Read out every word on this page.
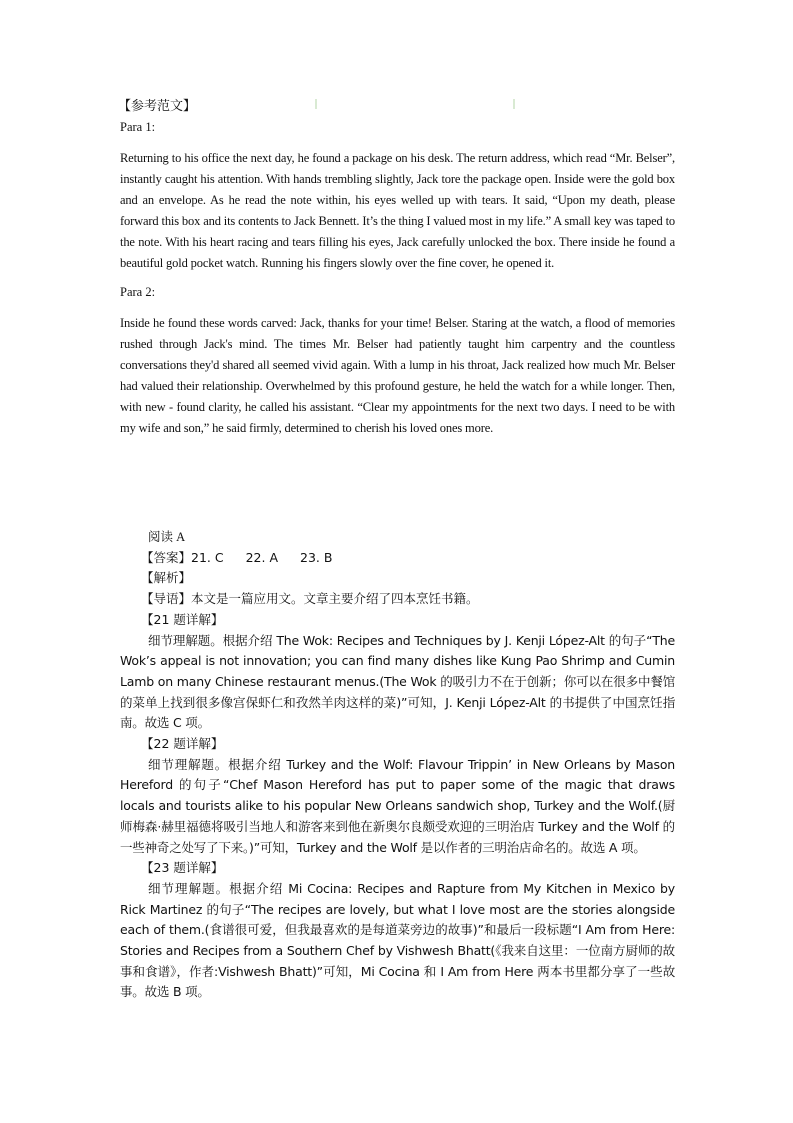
【参考范文】

Para 1:

Returning to his office the next day, he found a package on his desk. The return address, which read “Mr. Belser”, instantly caught his attention. With hands trembling slightly, Jack tore the package open. Inside were the gold box and an envelope. As he read the note within, his eyes welled up with tears. It said, “Upon my death, please forward this box and its contents to Jack Bennett. It’s the thing I valued most in my life.” A small key was taped to the note. With his heart racing and tears filling his eyes, Jack carefully unlocked the box. There inside he found a beautiful gold pocket watch. Running his fingers slowly over the fine cover, he opened it.

Para 2:

Inside he found these words carved: Jack, thanks for your time! Belser. Staring at the watch, a flood of memories rushed through Jack's mind. The times Mr. Belser had patiently taught him carpentry and the countless conversations they'd shared all seemed vivid again. With a lump in his throat, Jack realized how much Mr. Belser had valued their relationship. Overwhelmed by this profound gesture, he held the watch for a while longer. Then, with new - found clarity, he called his assistant. “Clear my appointments for the next two days. I need to be with my wife and son,” he said firmly, determined to cherish his loved ones more.

阅读 A

【答案】21. C 22. A 23. B

【解析】

【导语】本文是一篇应用文。文章主要介绍了四本烹饪书籍。

【21 题详解】

细节理解题。根据介绍 The Wok: Recipes and Techniques by J. Kenji López-Alt 的句子“The Wok’s appeal is not innovation; you can find many dishes like Kung Pao Shrimp and Cumin Lamb on many Chinese restaurant menus.(The Wok 的吸引力不在于创新；你可以在很多中餐馆的菜单上找到很多像宫保虾仁和孜然羊肉这样的菜)”可知，J. Kenji López-Alt 的书提供了中国烹饪指南。故选 C 项。

【22 题详解】

细节理解题。根据介绍 Turkey and the Wolf: Flavour Trippin’ in New Orleans by Mason Hereford 的句子“Chef Mason Hereford has put to paper some of the magic that draws locals and tourists alike to his popular New Orleans sandwich shop, Turkey and the Wolf.(厨师梅森·赫里福德将吸引当地人和游客来到他在新奥尔良颇受欢迎的三明治店 Turkey and the Wolf 的一些神奇之处写了下来。)”可知，Turkey and the Wolf 是以作者的三明治店命名的。故选 A 项。

【23 题详解】

细节理解题。根据介绍 Mi Cocina: Recipes and Rapture from My Kitchen in Mexico by Rick Martinez 的句子“The recipes are lovely, but what I love most are the stories alongside each of them.(食谱很可爱，但我最喜欢的是每道菜旁边的故事)”和最后一段标题“I Am from Here: Stories and Recipes from a Southern Chef by Vishwesh Bhatt(《我来自这里：一位南方厨师的故事和食谱》，作者:Vishwesh Bhatt)”可知，Mi Cocina 和 I Am from Here 两本书里都分享了一些故事。故选 B 项。
